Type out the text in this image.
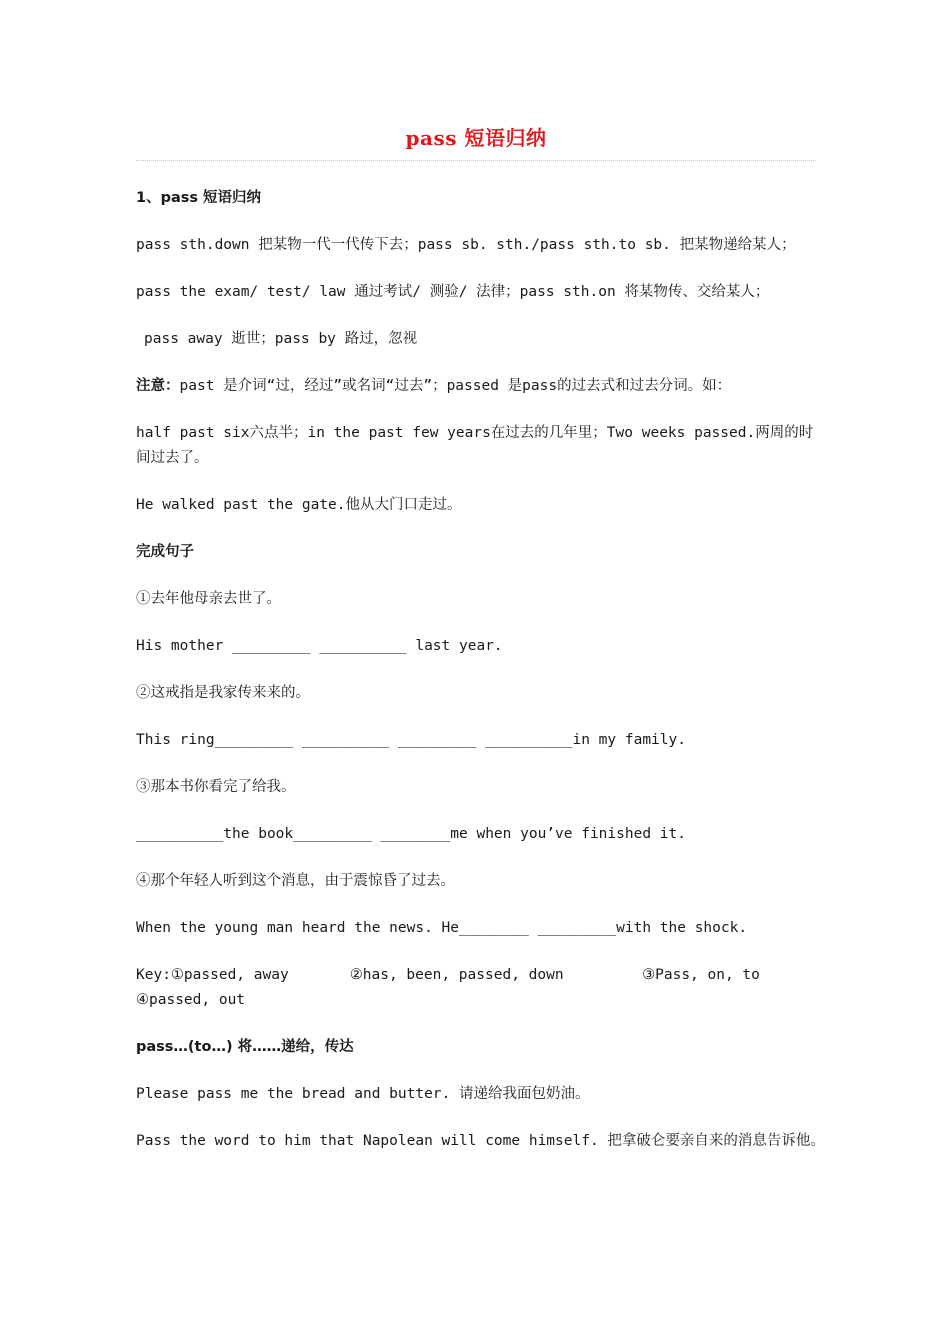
pass 短语归纳
1、pass 短语归纳
pass sth.down 把某物一代一代传下去；pass sb. sth./pass sth.to sb. 把某物递给某人；
pass the exam/ test/ law 通过考试/ 测验/ 法律；pass sth.on 将某物传、交给某人；
pass away 逝世；pass by 路过，忽视
注意：past 是介词“过，经过”或名词“过去”；passed 是pass的过去式和过去分词。如：
half past six六点半；in the past few years在过去的几年里；Two weeks passed.两周的时间过去了。
He walked past the gate.他从大门口走过。
完成句子
①去年他母亲去世了。
His mother _________ __________ last year.
②这戒指是我家传来来的。
This ring_________ __________ _________ __________in my family.
③那本书你看完了给我。
__________the book_________ ________me when you’ve finished it.
④那个年轻人听到这个消息，由于震惊昏了过去。
When the young man heard the news. He________ _________with the shock.
Key:①passed, away       ②has, been, passed, down         ③Pass, on, to
④passed, out
pass…(to…) 将……递给，传达
Please pass me the bread and butter. 请递给我面包奶油。
Pass the word to him that Napolean will come himself. 把拿破仑要亲自来的消息告诉他。
